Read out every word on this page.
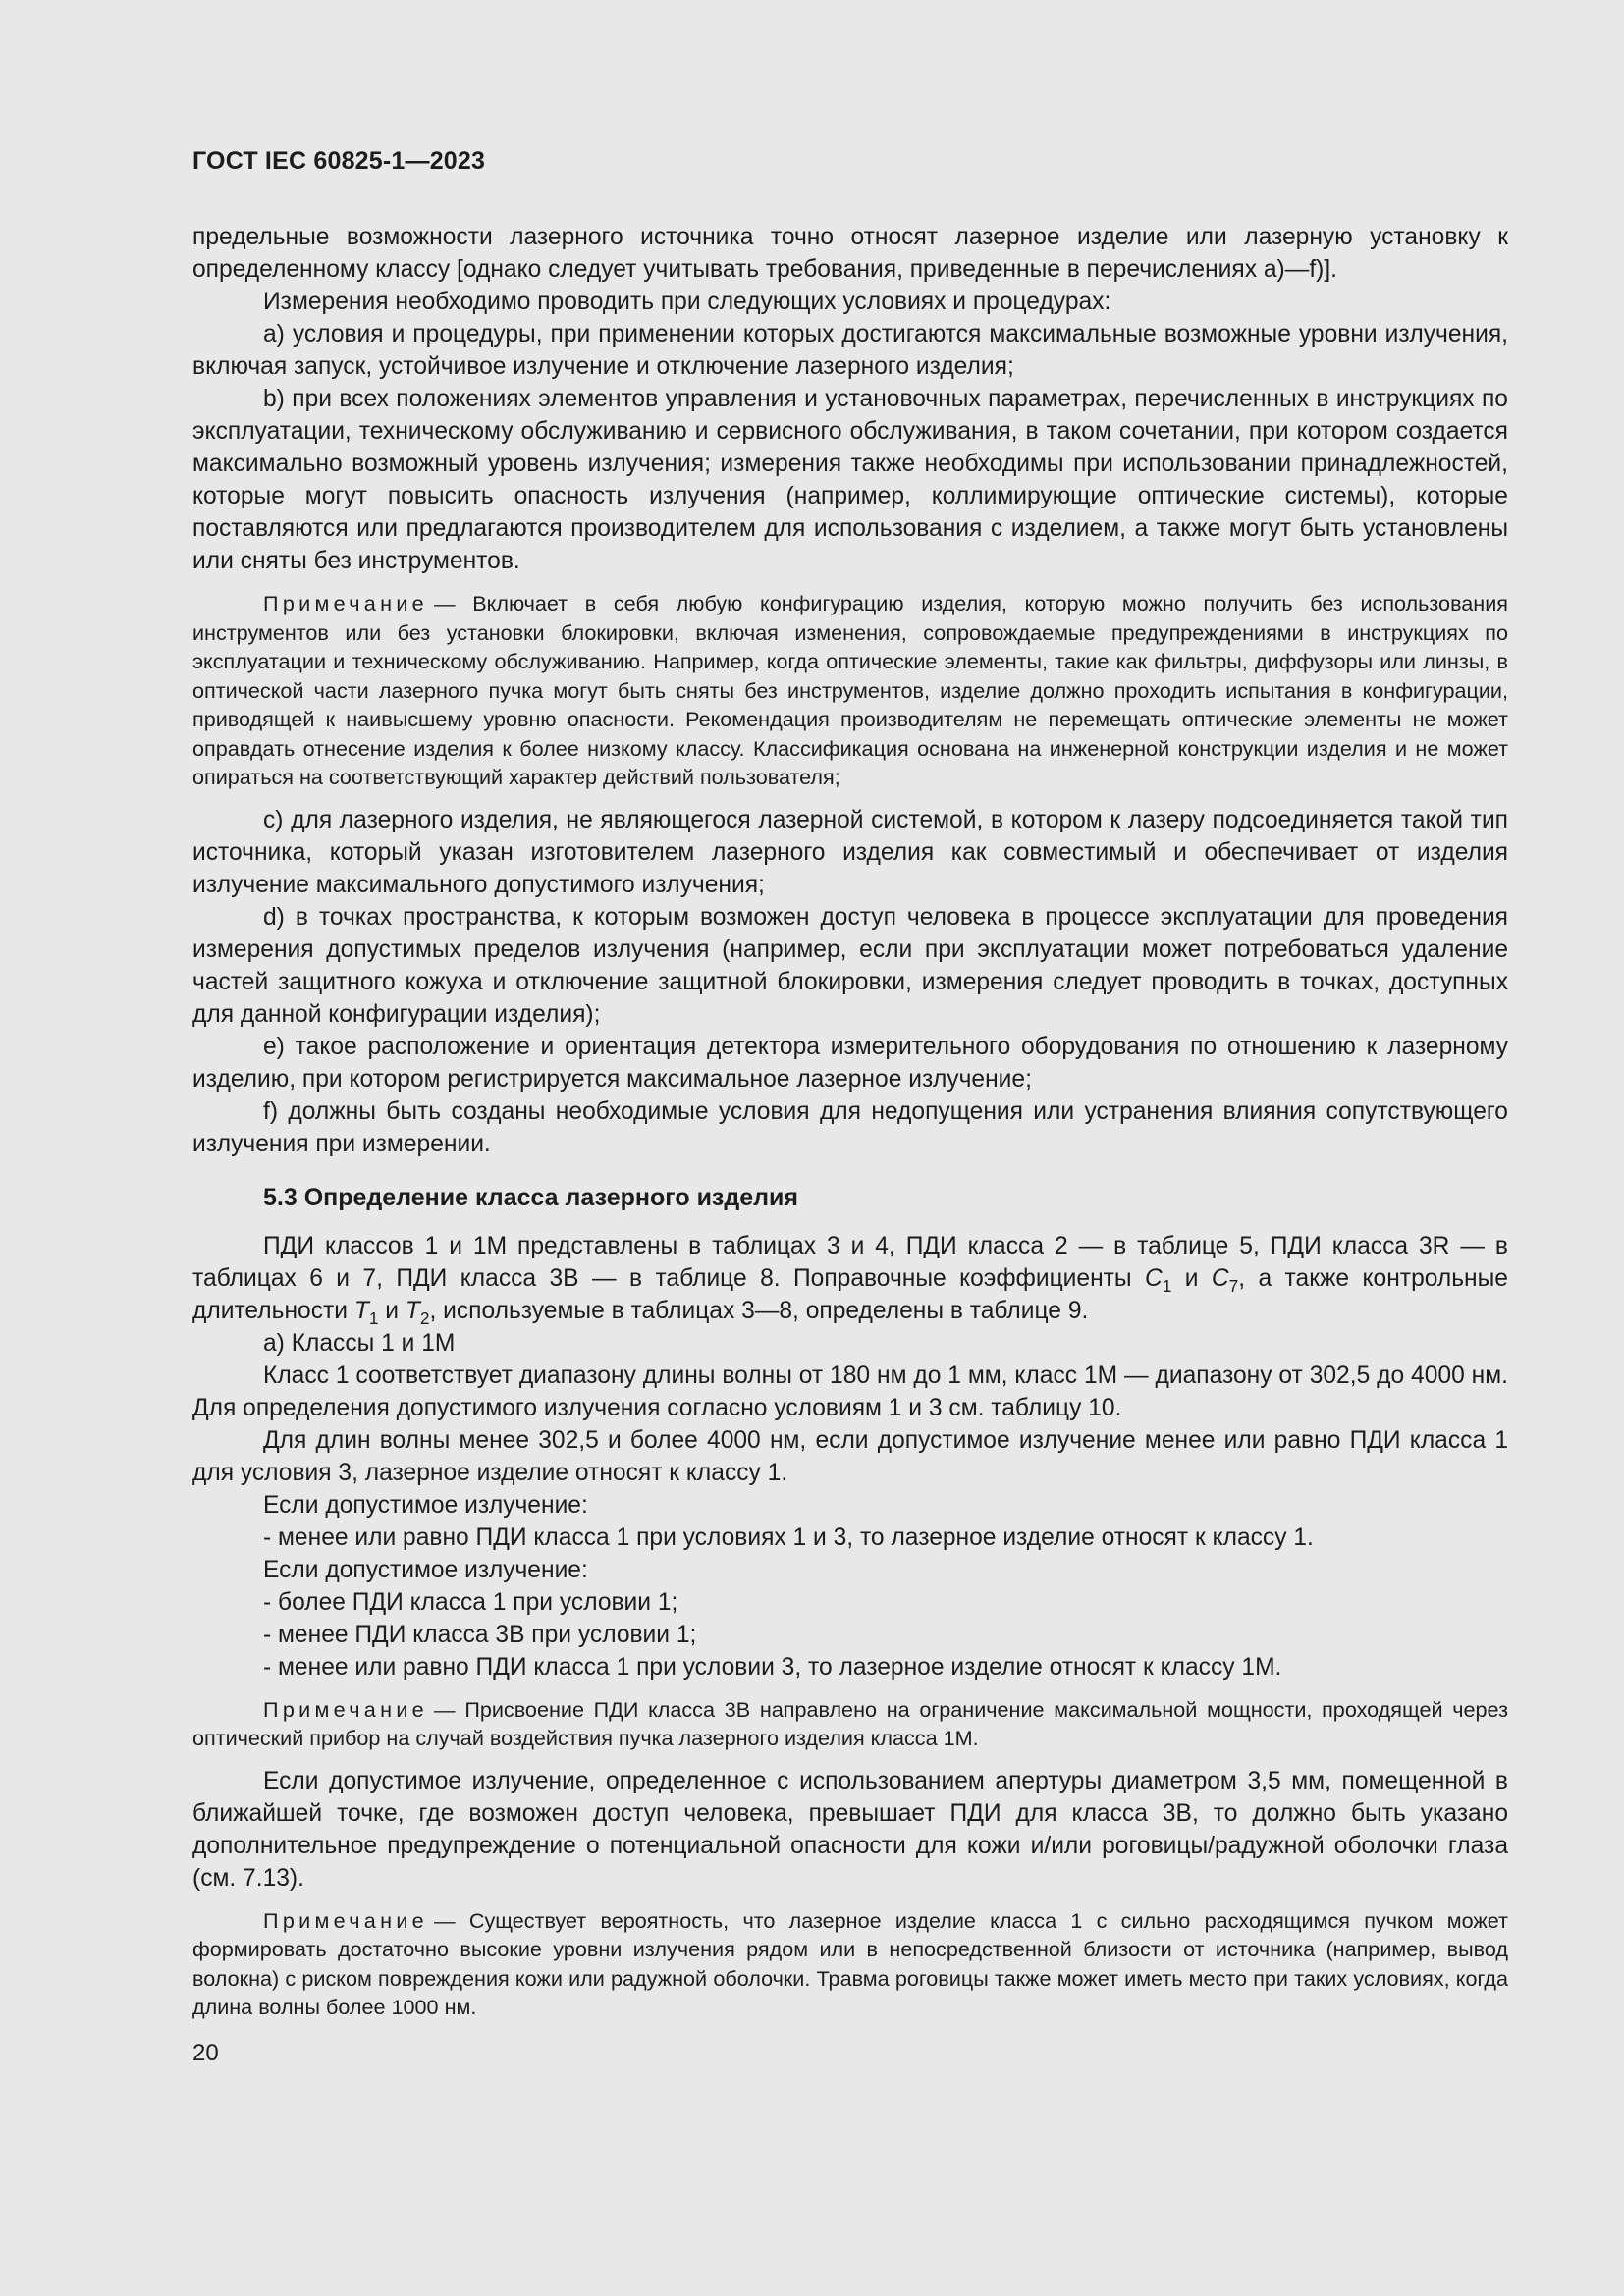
ГОСТ IEC 60825-1—2023

предельные возможности лазерного источника точно относят лазерное изделие или лазерную установку к определенному классу [однако следует учитывать требования, приведенные в перечислениях a)—f)].

Измерения необходимо проводить при следующих условиях и процедурах:

a) условия и процедуры, при применении которых достигаются максимальные возможные уровни излучения, включая запуск, устойчивое излучение и отключение лазерного изделия;

b) при всех положениях элементов управления и установочных параметрах, перечисленных в инструкциях по эксплуатации, техническому обслуживанию и сервисного обслуживания, в таком сочетании, при котором создается максимально возможный уровень излучения; измерения также необходимы при использовании принадлежностей, которые могут повысить опасность излучения (например, коллимирующие оптические системы), которые поставляются или предлагаются производителем для использования с изделием, а также могут быть установлены или сняты без инструментов.

Примечание — Включает в себя любую конфигурацию изделия, которую можно получить без использования инструментов или без установки блокировки, включая изменения, сопровождаемые предупреждениями в инструкциях по эксплуатации и техническому обслуживанию. Например, когда оптические элементы, такие как фильтры, диффузоры или линзы, в оптической части лазерного пучка могут быть сняты без инструментов, изделие должно проходить испытания в конфигурации, приводящей к наивысшему уровню опасности. Рекомендация производителям не перемещать оптические элементы не может оправдать отнесение изделия к более низкому классу. Классификация основана на инженерной конструкции изделия и не может опираться на соответствующий характер действий пользователя;

c) для лазерного изделия, не являющегося лазерной системой, в котором к лазеру подсоединяется такой тип источника, который указан изготовителем лазерного изделия как совместимый и обеспечивает от изделия излучение максимального допустимого излучения;

d) в точках пространства, к которым возможен доступ человека в процессе эксплуатации для проведения измерения допустимых пределов излучения (например, если при эксплуатации может потребоваться удаление частей защитного кожуха и отключение защитной блокировки, измерения следует проводить в точках, доступных для данной конфигурации изделия);

e) такое расположение и ориентация детектора измерительного оборудования по отношению к лазерному изделию, при котором регистрируется максимальное лазерное излучение;

f) должны быть созданы необходимые условия для недопущения или устранения влияния сопутствующего излучения при измерении.

5.3 Определение класса лазерного изделия

ПДИ классов 1 и 1М представлены в таблицах 3 и 4, ПДИ класса 2 — в таблице 5, ПДИ класса 3R — в таблицах 6 и 7, ПДИ класса 3В — в таблице 8. Поправочные коэффициенты $C_1$ и $C_7$, а также контрольные длительности $T_1$ и $T_2$, используемые в таблицах 3—8, определены в таблице 9.

a) Классы 1 и 1М

Класс 1 соответствует диапазону длины волны от 180 нм до 1 мм, класс 1М — диапазону от 302,5 до 4000 нм. Для определения допустимого излучения согласно условиям 1 и 3 см. таблицу 10.

Для длин волны менее 302,5 и более 4000 нм, если допустимое излучение менее или равно ПДИ класса 1 для условия 3, лазерное изделие относят к классу 1.

Если допустимое излучение:

- менее или равно ПДИ класса 1 при условиях 1 и 3, то лазерное изделие относят к классу 1.

Если допустимое излучение:

- более ПДИ класса 1 при условии 1;

- менее ПДИ класса 3В при условии 1;

- менее или равно ПДИ класса 1 при условии 3, то лазерное изделие относят к классу 1М.

Примечание — Присвоение ПДИ класса 3В направлено на ограничение максимальной мощности, проходящей через оптический прибор на случай воздействия пучка лазерного изделия класса 1М.

Если допустимое излучение, определенное с использованием апертуры диаметром 3,5 мм, помещенной в ближайшей точке, где возможен доступ человека, превышает ПДИ для класса 3В, то должно быть указано дополнительное предупреждение о потенциальной опасности для кожи и/или роговицы/радужной оболочки глаза (см. 7.13).

Примечание — Существует вероятность, что лазерное изделие класса 1 с сильно расходящимся пучком может формировать достаточно высокие уровни излучения рядом или в непосредственной близости от источника (например, вывод волокна) с риском повреждения кожи или радужной оболочки. Травма роговицы также может иметь место при таких условиях, когда длина волны более 1000 нм.

20
